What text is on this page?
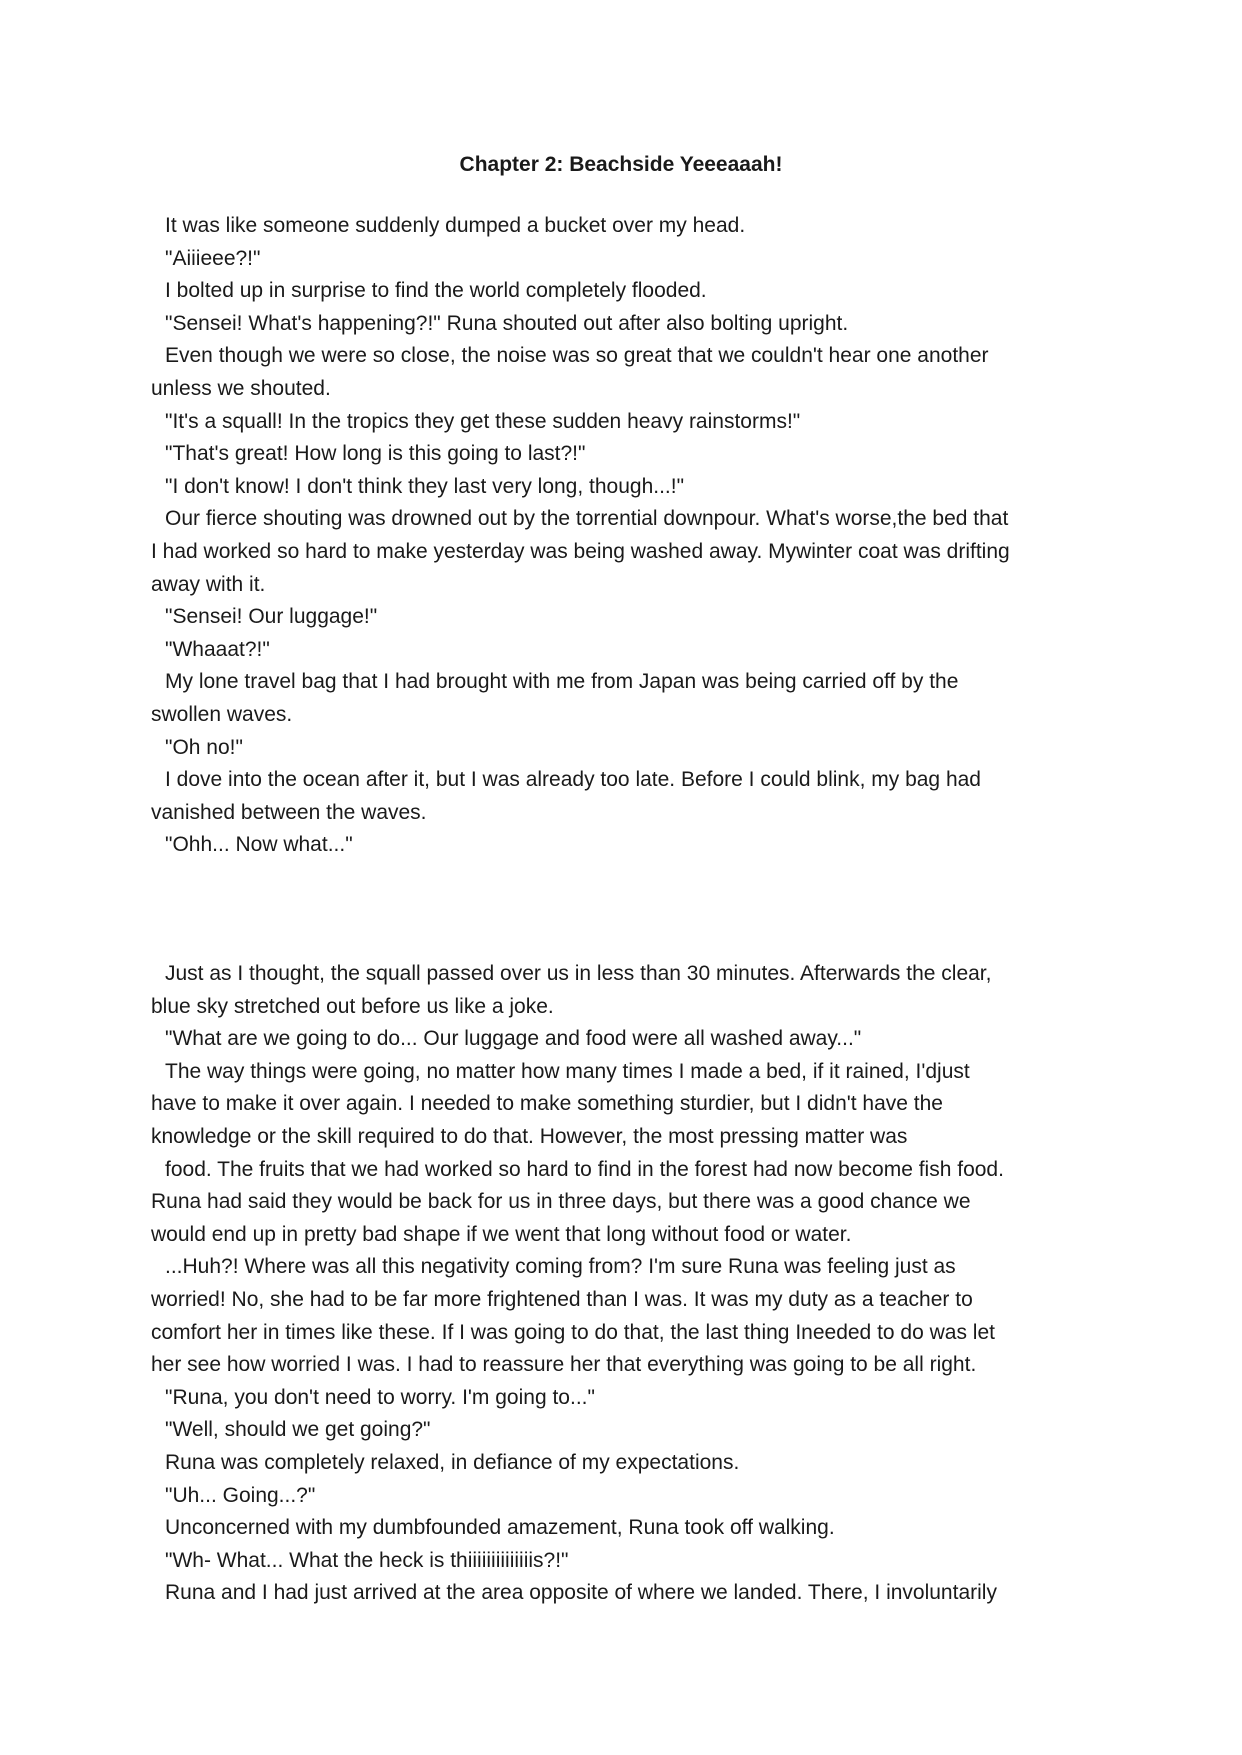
Chapter 2: Beachside Yeeeaaah!
It was like someone suddenly dumped a bucket over my head.
"Aiiieee?!"
I bolted up in surprise to find the world completely flooded.
"Sensei! What's happening?!" Runa shouted out after also bolting upright.
Even though we were so close, the noise was so great that we couldn't hear one another
unless we shouted.
"It's a squall! In the tropics they get these sudden heavy rainstorms!"
"That's great! How long is this going to last?!"
"I don't know! I don't think they last very long, though...!"
Our fierce shouting was drowned out by the torrential downpour. What's worse,the bed that
I had worked so hard to make yesterday was being washed away. Mywinter coat was drifting
away with it.
"Sensei! Our luggage!"
"Whaaat?!"
My lone travel bag that I had brought with me from Japan was being carried off by the
swollen waves.
"Oh no!"
I dove into the ocean after it, but I was already too late. Before I could blink, my bag had
vanished between the waves.
"Ohh... Now what..."
Just as I thought, the squall passed over us in less than 30 minutes. Afterwards the clear,
blue sky stretched out before us like a joke.
"What are we going to do... Our luggage and food were all washed away..."
The way things were going, no matter how many times I made a bed, if it rained, I'djust
have to make it over again. I needed to make something sturdier, but I didn't have the
knowledge or the skill required to do that. However, the most pressing matter was
food. The fruits that we had worked so hard to find in the forest had now become fish food.
Runa had said they would be back for us in three days, but there was a good chance we
would end up in pretty bad shape if we went that long without food or water.
...Huh?! Where was all this negativity coming from? I'm sure Runa was feeling just as
worried! No, she had to be far more frightened than I was. It was my duty as a teacher to
comfort her in times like these. If I was going to do that, the last thing Ineeded to do was let
her see how worried I was. I had to reassure her that everything was going to be all right.
"Runa, you don't need to worry. I'm going to..."
"Well, should we get going?"
Runa was completely relaxed, in defiance of my expectations.
"Uh... Going...?"
Unconcerned with my dumbfounded amazement, Runa took off walking.
"Wh- What... What the heck is thiiiiiiiiiiiiiis?!"
Runa and I had just arrived at the area opposite of where we landed. There, I involuntarily
